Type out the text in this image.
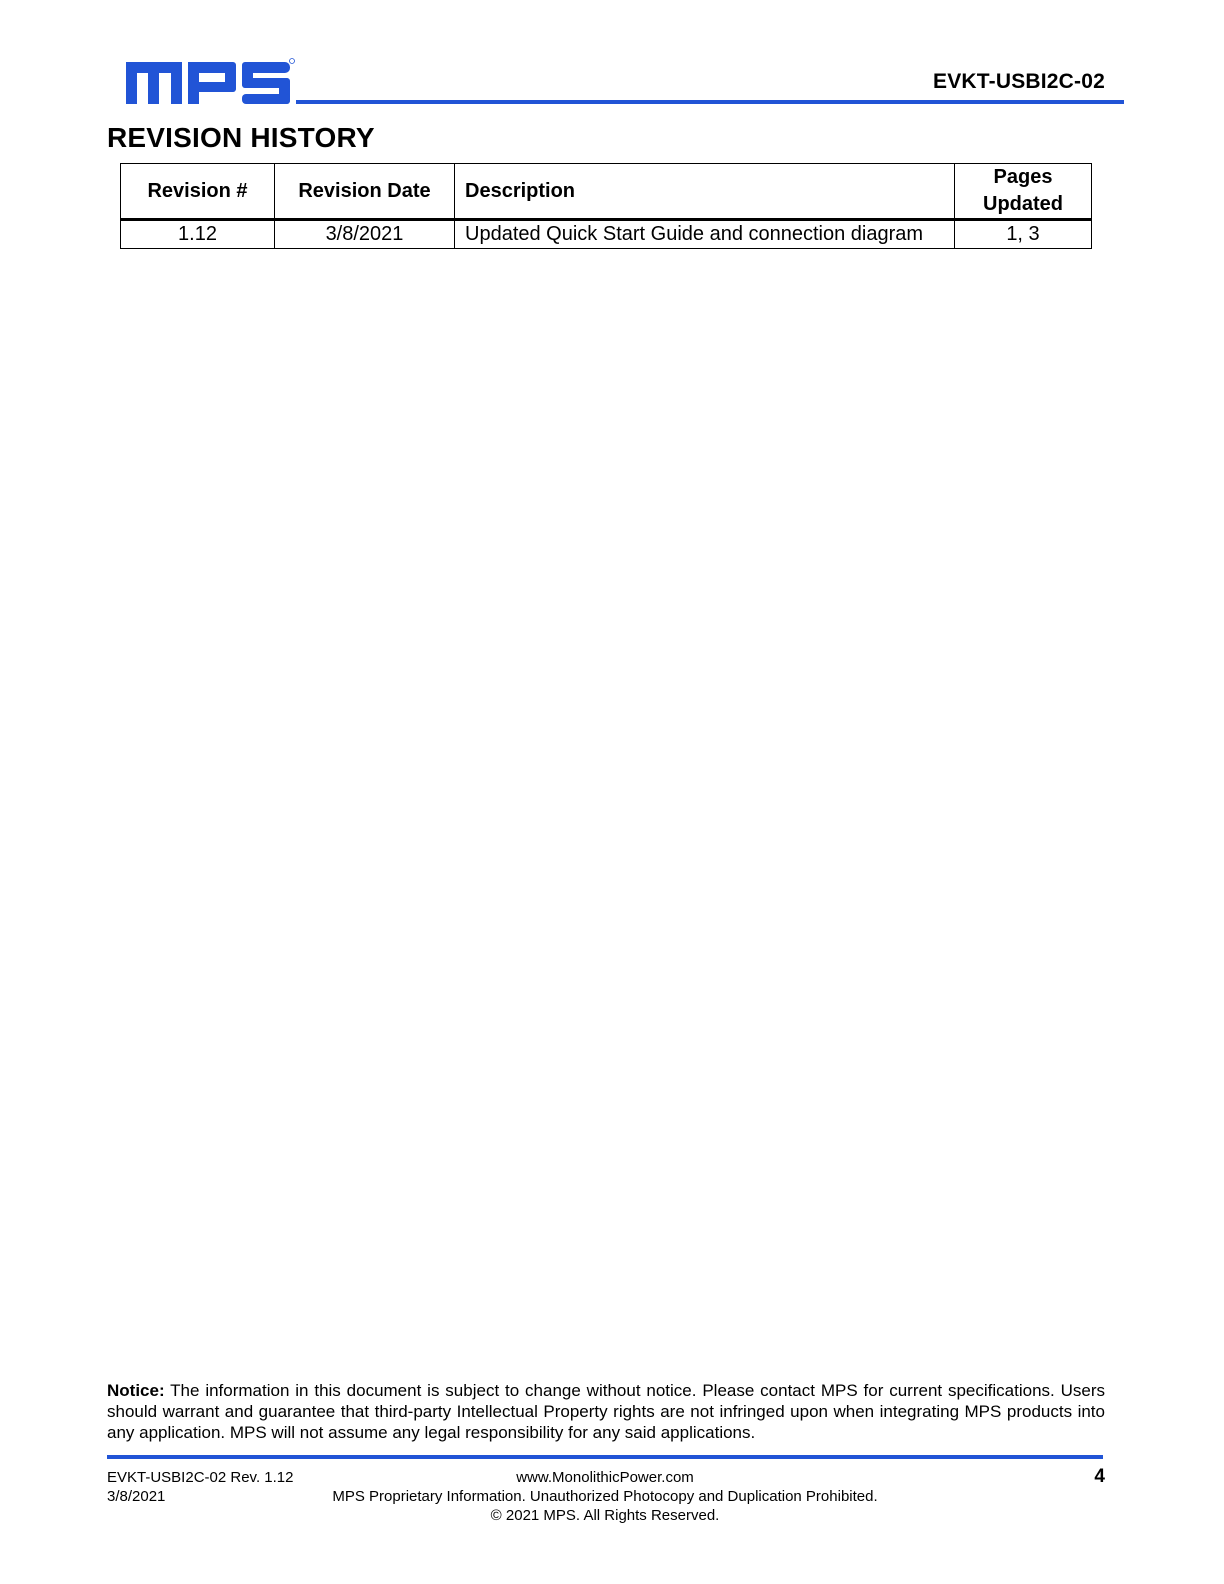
EVKT-USBI2C-02
REVISION HISTORY
Revision #	Revision Date	Description	Pages Updated
1.12	3/8/2021	Updated Quick Start Guide and connection diagram	1, 3
Notice: The information in this document is subject to change without notice. Please contact MPS for current specifications. Users should warrant and guarantee that third-party Intellectual Property rights are not infringed upon when integrating MPS products into any application. MPS will not assume any legal responsibility for any said applications.
EVKT-USBI2C-02 Rev. 1.12
3/8/2021
www.MonolithicPower.com
MPS Proprietary Information. Unauthorized Photocopy and Duplication Prohibited.
© 2021 MPS. All Rights Reserved.
4
